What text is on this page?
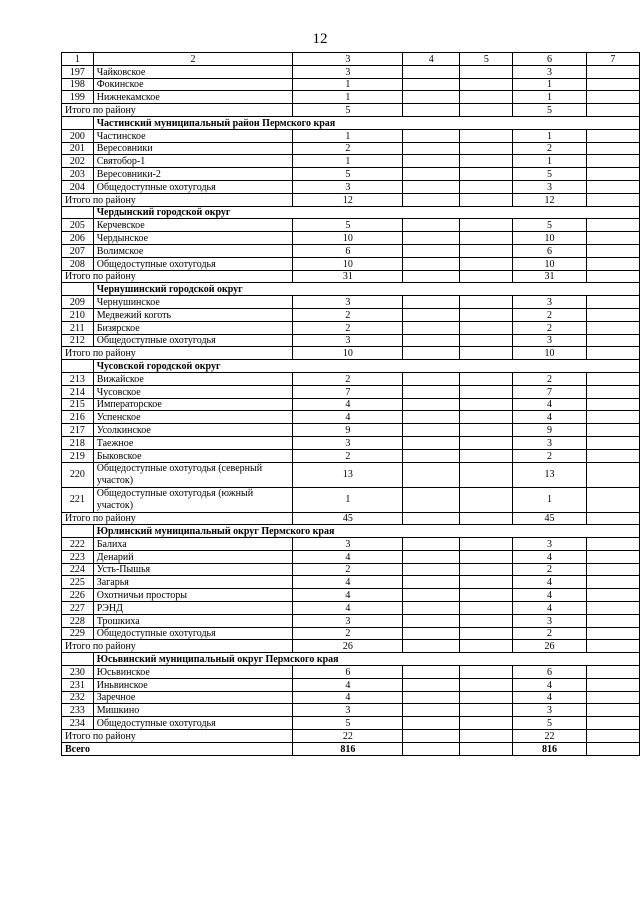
12
1	2	3	4	5	6	7
197	Чайковское	3			3	
198	Фокинское	1			1	
199	Нижнекамское	1			1	
Итого по району		5			5	
	Частинский муниципальный район Пермского края					
200	Частинское	1			1	
201	Вересовники	2			2	
202	Святобор-1	1			1	
203	Вересовники-2	5			5	
204	Общедоступные охотугодья	3			3	
Итого по району		12			12	
	Чердынский городской округ					
205	Керчевское	5			5	
206	Чердынское	10			10	
207	Волимское	6			6	
208	Общедоступные охотугодья	10			10	
Итого по району		31			31	
	Чернушинский городской округ					
209	Чернушинское	3			3	
210	Медвежий коготь	2			2	
211	Бизярское	2			2	
212	Общедоступные охотугодья	3			3	
Итого по району		10			10	
	Чусовской городской округ					
213	Вижайское	2			2	
214	Чусовское	7			7	
215	Императорское	4			4	
216	Успенское	4			4	
217	Усолкинское	9			9	
218	Таежное	3			3	
219	Быковское	2			2	
220	Общедоступные охотугодья (северный участок)	13			13	
221	Общедоступные охотугодья (южный участок)	1			1	
Итого по району		45			45	
	Юрлинский муниципальный округ Пермского края					
222	Балиха	3			3	
223	Денарий	4			4	
224	Усть-Пышья	2			2	
225	Загарья	4			4	
226	Охотничьи просторы	4			4	
227	РЭНД	4			4	
228	Трошкиха	3			3	
229	Общедоступные охотугодья	2			2	
Итого по району		26			26	
	Юсьвинский муниципальный округ Пермского края					
230	Юсьвинское	6			6	
231	Иньвинское	4			4	
232	Заречное	4			4	
233	Мишкино	3			3	
234	Общедоступные охотугодья	5			5	
Итого по району		22			22	
Всего		816			816	
